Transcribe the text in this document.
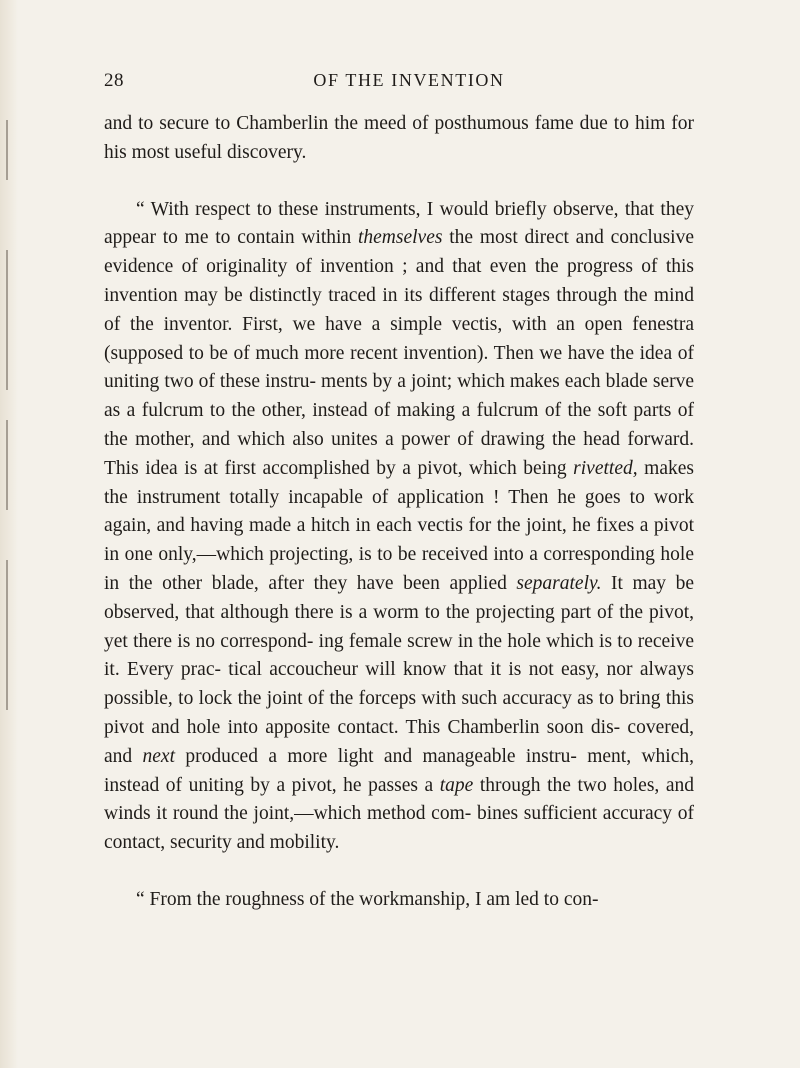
28	OF THE INVENTION

and to secure to Chamberlin the meed of posthumous fame due to him for his most useful discovery.

“ With respect to these instruments, I would briefly observe, that they appear to me to contain within themselves the most direct and conclusive evidence of originality of invention ; and that even the progress of this invention may be distinctly traced in its different stages through the mind of the inventor. First, we have a simple vectis, with an open fenestra (supposed to be of much more recent invention). Then we have the idea of uniting two of these instru- ments by a joint; which makes each blade serve as a fulcrum to the other, instead of making a fulcrum of the soft parts of the mother, and which also unites a power of drawing the head forward. This idea is at first accomplished by a pivot, which being rivetted, makes the instrument totally incapable of application ! Then he goes to work again, and having made a hitch in each vectis for the joint, he fixes a pivot in one only,—which projecting, is to be received into a corresponding hole in the other blade, after they have been applied separately. It may be observed, that although there is a worm to the projecting part of the pivot, yet there is no correspond- ing female screw in the hole which is to receive it. Every prac- tical accoucheur will know that it is not easy, nor always possible, to lock the joint of the forceps with such accuracy as to bring this pivot and hole into apposite contact. This Chamberlin soon dis- covered, and next produced a more light and manageable instru- ment, which, instead of uniting by a pivot, he passes a tape through the two holes, and winds it round the joint,—which method com- bines sufficient accuracy of contact, security and mobility.

“ From the roughness of the workmanship, I am led to con-
